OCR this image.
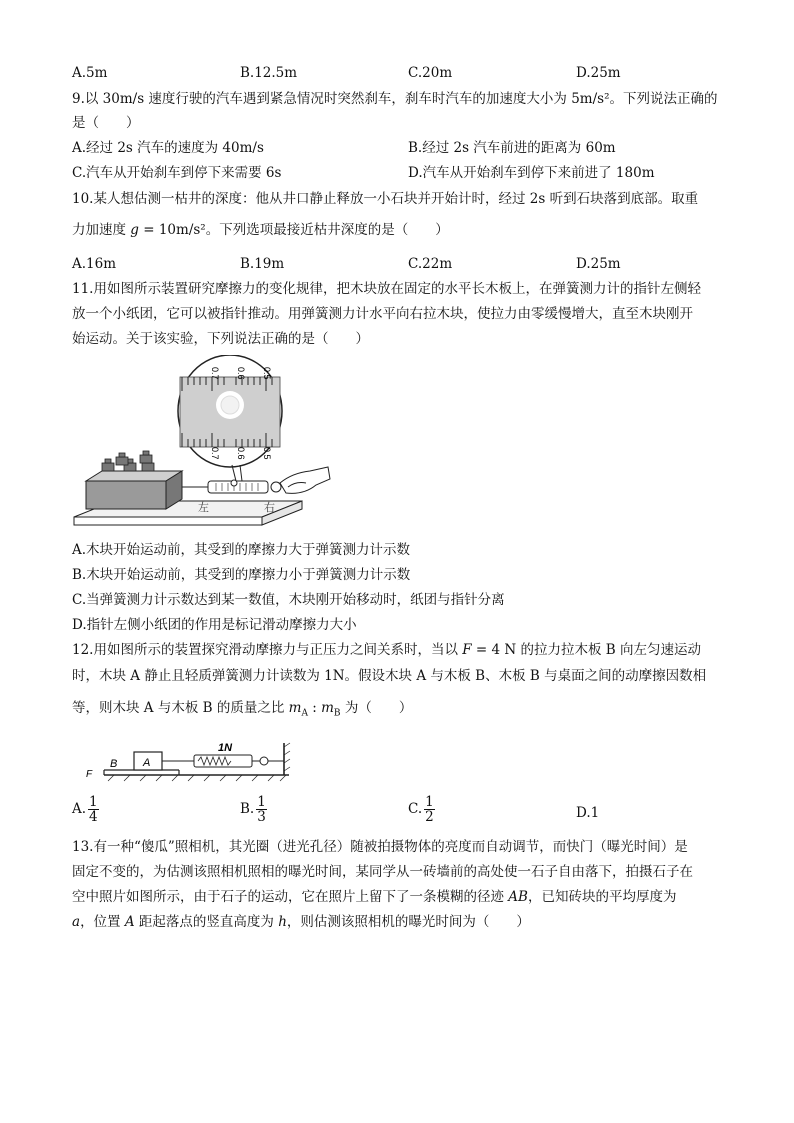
A.5m	B.12.5m	C.20m	D.25m
9.以 30m/s 速度行驶的汽车遇到紧急情况时突然刹车，刹车时汽车的加速度大小为 5m/s²。下列说法正确的
是（　　）
A.经过 2s 汽车的速度为 40m/s	B.经过 2s 汽车前进的距离为 60m
C.汽车从开始刹车到停下来需要 6s	D.汽车从开始刹车到停下来前进了 180m
10.某人想估测一枯井的深度：他从井口静止释放一小石块并开始计时，经过 2s 听到石块落到底部。取重
力加速度 g = 10m/s²。下列选项最接近枯井深度的是（　　）
A.16m	B.19m	C.22m	D.25m
11.用如图所示装置研究摩擦力的变化规律，把木块放在固定的水平长木板上，在弹簧测力计的指针左侧轻
放一个小纸团，它可以被指针推动。用弹簧测力计水平向右拉木块，使拉力由零缓慢增大，直至木块刚开
始运动。关于该实验，下列说法正确的是（　　）
0.7 0.6 0.5
0.7 0.6 0.5
左	右
A.木块开始运动前，其受到的摩擦力大于弹簧测力计示数
B.木块开始运动前，其受到的摩擦力小于弹簧测力计示数
C.当弹簧测力计示数达到某一数值，木块刚开始移动时，纸团与指针分离
D.指针左侧小纸团的作用是标记滑动摩擦力大小
12.用如图所示的装置探究滑动摩擦力与正压力之间关系时，当以 F = 4 N 的拉力拉木板 B 向左匀速运动
时，木块 A 静止且轻质弹簧测力计读数为 1N。假设木块 A 与木板 B、木板 B 与桌面之间的动摩擦因数相
等，则木块 A 与木板 B 的质量之比 $m_A$ : $m_B$ 为（　　）
A
B
F
1N
A. $\frac{1}{4}$	B. $\frac{1}{3}$	C. $\frac{1}{2}$	D.1
13.有一种“傻瓜”照相机，其光圈（进光孔径）随被拍摄物体的亮度而自动调节，而快门（曝光时间）是
固定不变的，为估测该照相机照相的曝光时间，某同学从一砖墙前的高处使一石子自由落下，拍摄石子在
空中照片如图所示，由于石子的运动，它在照片上留下了一条模糊的径迹 AB，已知砖块的平均厚度为
a，位置 A 距起落点的竖直高度为 h，则估测该照相机的曝光时间为（　　）
